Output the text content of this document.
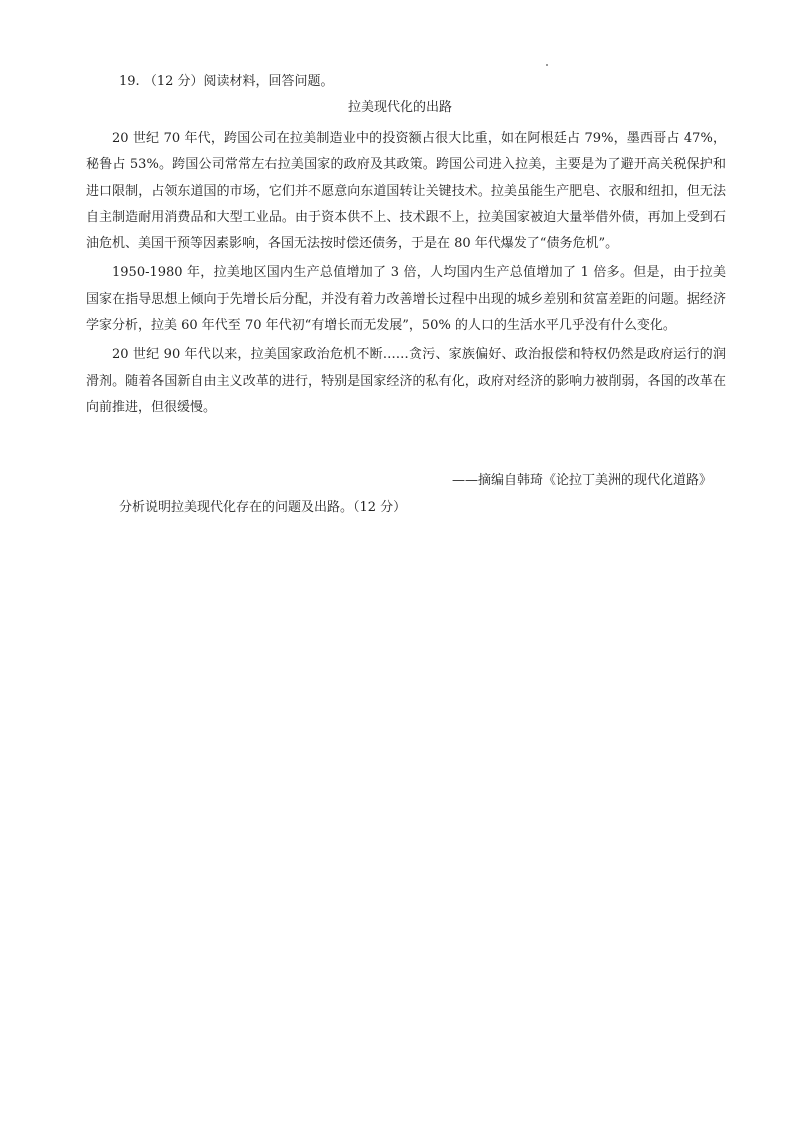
19. （12 分）阅读材料，回答问题。
拉美现代化的出路

20 世纪 70 年代，跨国公司在拉美制造业中的投资额占很大比重，如在阿根廷占 79%，墨西哥占 47%，秘鲁占 53%。跨国公司常常左右拉美国家的政府及其政策。跨国公司进入拉美，主要是为了避开高关税保护和进口限制，占领东道国的市场，它们并不愿意向东道国转让关键技术。拉美虽能生产肥皂、衣服和纽扣，但无法自主制造耐用消费品和大型工业品。由于资本供不上、技术跟不上，拉美国家被迫大量举借外债，再加上受到石油危机、美国干预等因素影响，各国无法按时偿还债务，于是在 80 年代爆发了“债务危机”。

1950-1980 年，拉美地区国内生产总值增加了 3 倍，人均国内生产总值增加了 1 倍多。但是，由于拉美国家在指导思想上倾向于先增长后分配，并没有着力改善增长过程中出现的城乡差别和贫富差距的问题。据经济学家分析，拉美 60 年代至 70 年代初“有增长而无发展”，50% 的人口的生活水平几乎没有什么变化。

20 世纪 90 年代以来，拉美国家政治危机不断……贪污、家族偏好、政治报偿和特权仍然是政府运行的润滑剂。随着各国新自由主义改革的进行，特别是国家经济的私有化，政府对经济的影响力被削弱，各国的改革在向前推进，但很缓慢。

——摘编自韩琦《论拉丁美洲的现代化道路》
分析说明拉美现代化存在的问题及出路。（12 分）
